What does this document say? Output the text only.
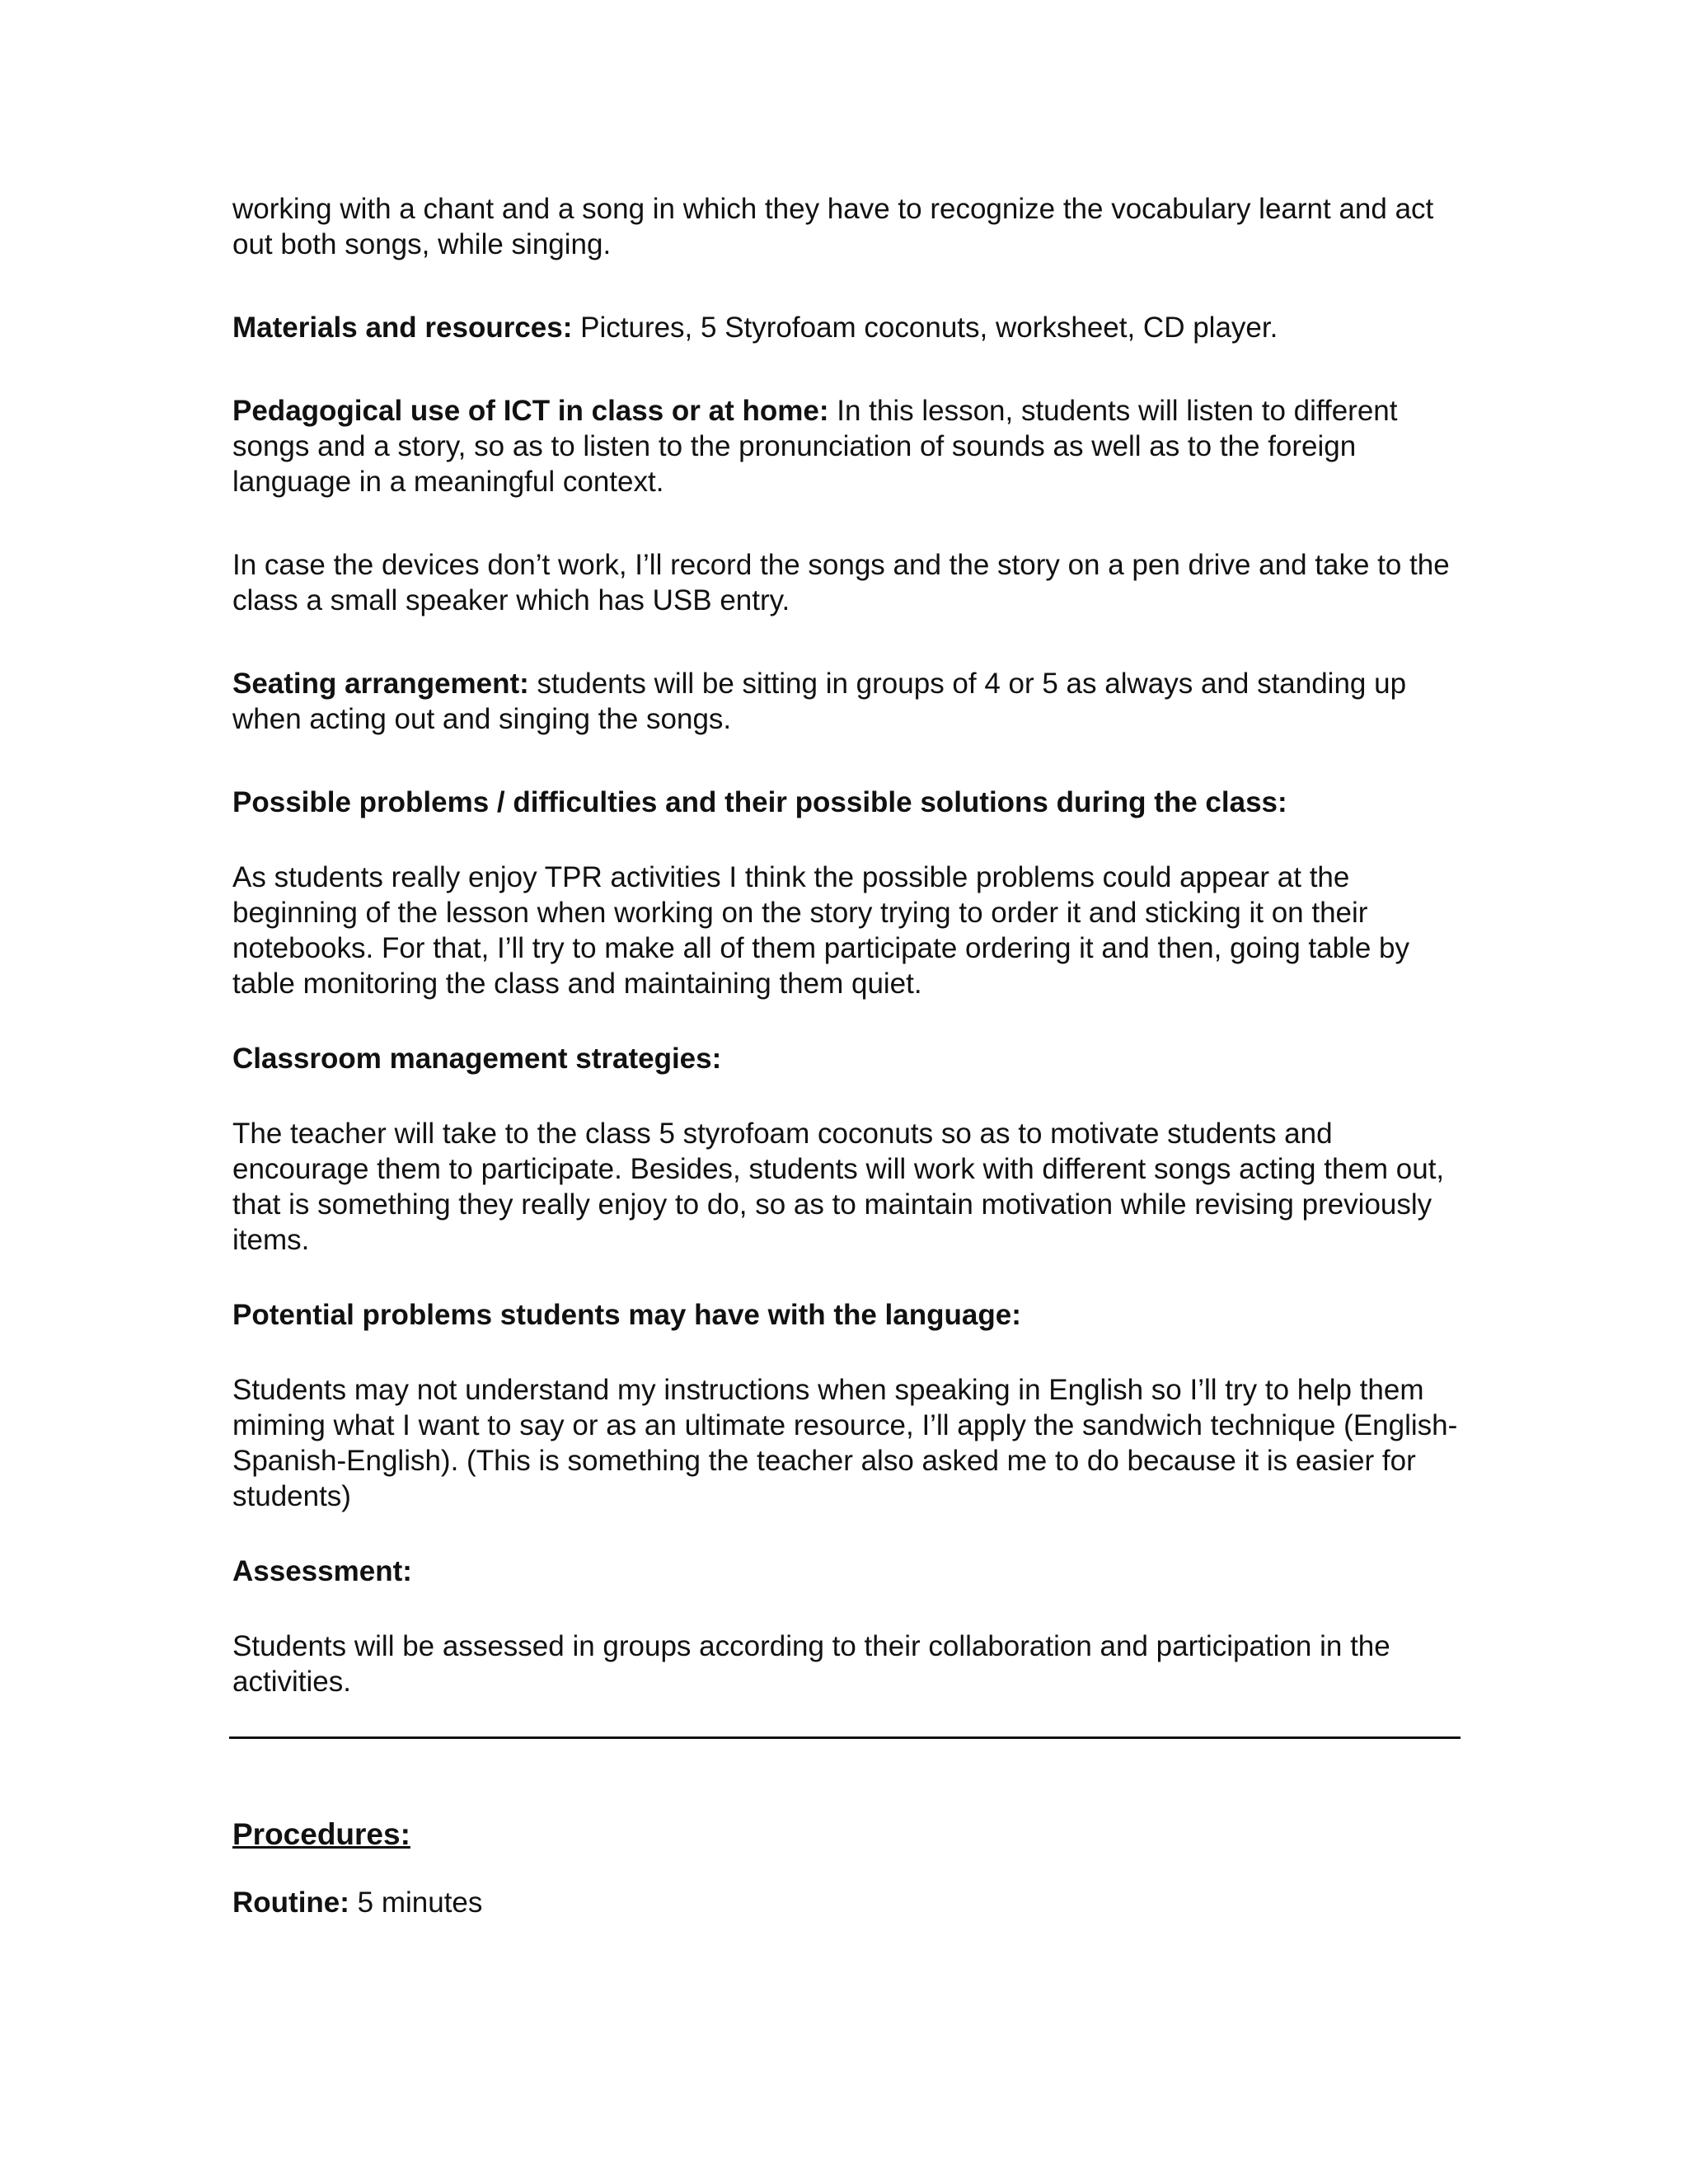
working with a chant and a song in which they have to recognize the vocabulary learnt and act out both songs, while singing.

Materials and resources: Pictures, 5 Styrofoam coconuts, worksheet, CD player.

Pedagogical use of ICT in class or at home: In this lesson, students will listen to different songs and a story, so as to listen to the pronunciation of sounds as well as to the foreign language in a meaningful context.

In case the devices don’t work, I’ll record the songs and the story on a pen drive and take to the class a small speaker which has USB entry.

Seating arrangement: students will be sitting in groups of 4 or 5 as always and standing up when acting out and singing the songs.

Possible problems / difficulties and their possible solutions during the class:

As students really enjoy TPR activities I think the possible problems could appear at the beginning of the lesson when working on the story trying to order it and sticking it on their notebooks. For that, I’ll try to make all of them participate ordering it and then, going table by table monitoring the class and maintaining them quiet.

Classroom management strategies:

The teacher will take to the class 5 styrofoam coconuts so as to motivate students and encourage them to participate. Besides, students will work with different songs acting them out, that is something they really enjoy to do, so as to maintain motivation while revising previously items.

Potential problems students may have with the language:

Students may not understand my instructions when speaking in English so I’ll try to help them miming what I want to say or as an ultimate resource, I’ll apply the sandwich technique (English-Spanish-English). (This is something the teacher also asked me to do because it is easier for students)

Assessment:

Students will be assessed in groups according to their collaboration and participation in the activities.

Procedures:

Routine: 5 minutes
